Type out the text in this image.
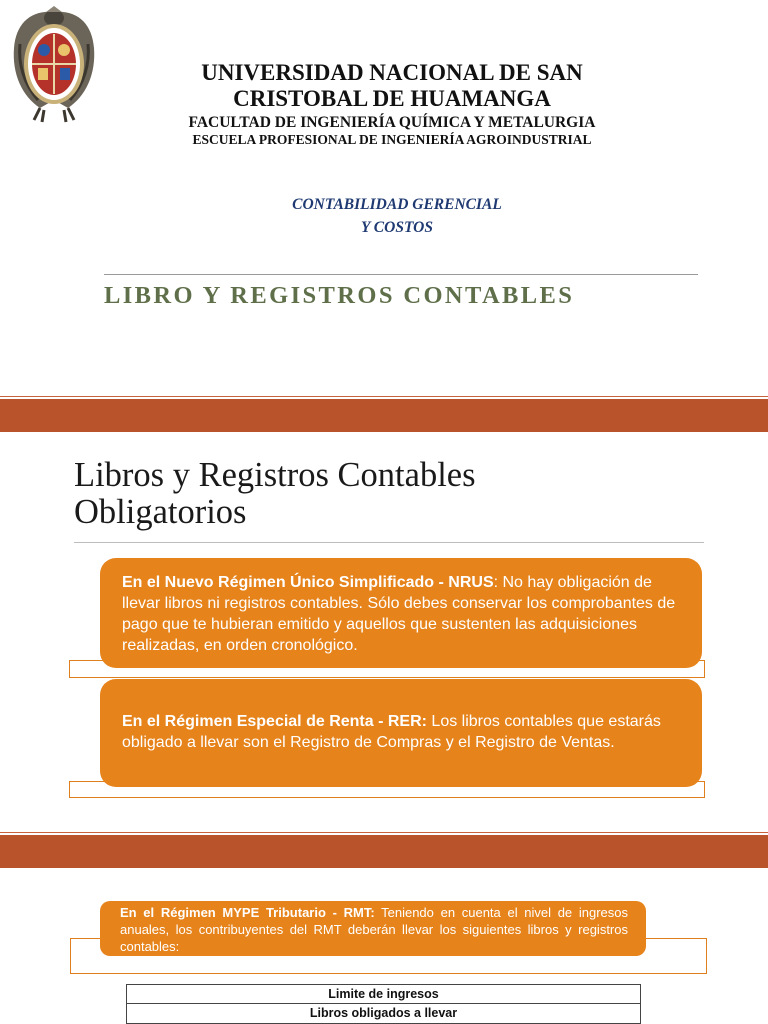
UNIVERSIDAD NACIONAL DE SAN
CRISTOBAL DE HUAMANGA
FACULTAD DE INGENIERÍA QUÍMICA Y METALURGIA
ESCUELA PROFESIONAL DE INGENIERÍA AGROINDUSTRIAL
CONTABILIDAD GERENCIAL
Y COSTOS
LIBRO Y REGISTROS CONTABLES
Libros y Registros Contables
Obligatorios
En el Nuevo Régimen Único Simplificado - NRUS: No hay obligación de llevar libros ni registros contables. Sólo debes conservar los comprobantes de pago que te hubieran emitido y aquellos que sustenten las adquisiciones realizadas, en orden cronológico.
En el Régimen Especial de Renta - RER: Los libros contables que estarás obligado a llevar son el Registro de Compras y el Registro de Ventas.
En el Régimen MYPE Tributario - RMT: Teniendo en cuenta el nivel de ingresos anuales, los contribuyentes del RMT deberán llevar los siguientes libros y registros contables:
Limite de ingresos
Libros obligados a llevar
